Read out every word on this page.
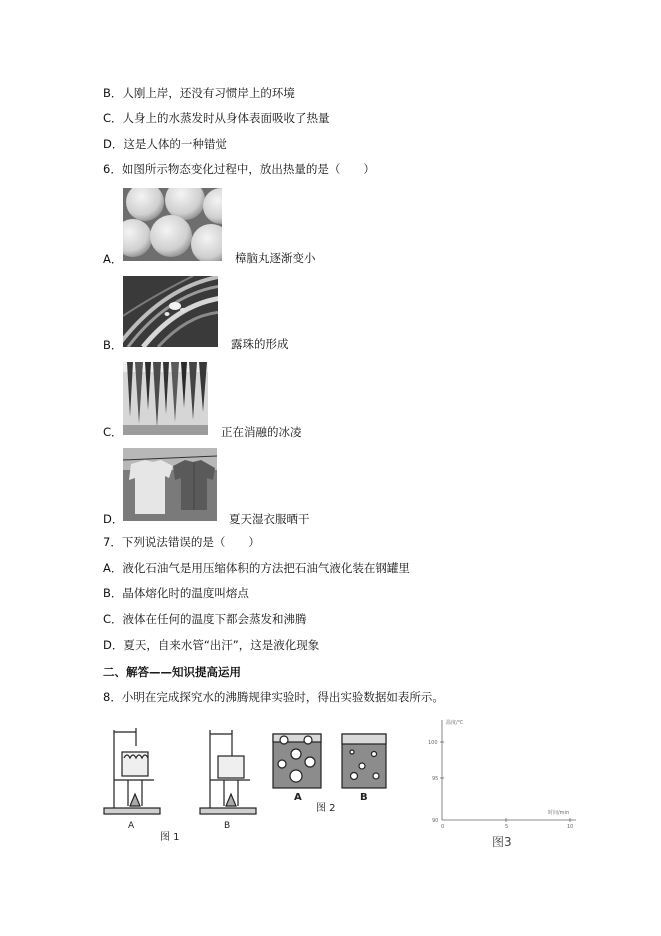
B．人刚上岸，还没有习惯岸上的环境
C．人身上的水蒸发时从身体表面吸收了热量
D．这是人体的一种错觉
6．如图所示物态变化过程中，放出热量的是（　　）
A．	樟脑丸逐渐变小
B．	露珠的形成
C．	正在消融的冰凌
D．	夏天湿衣服晒干
7．下列说法错误的是（　　）
A．液化石油气是用压缩体积的方法把石油气液化装在钢罐里
B．晶体熔化时的温度叫熔点
C．液体在任何的温度下都会蒸发和沸腾
D．夏天，自来水管“出汗”，这是液化现象
二、解答——知识提高运用
8．小明在完成探究水的沸腾规律实验时，得出实验数据如表所示。
A	B
图 1
A	B
图 2
温度/℃
时间/min
100
95
90
0	5	10
图3
